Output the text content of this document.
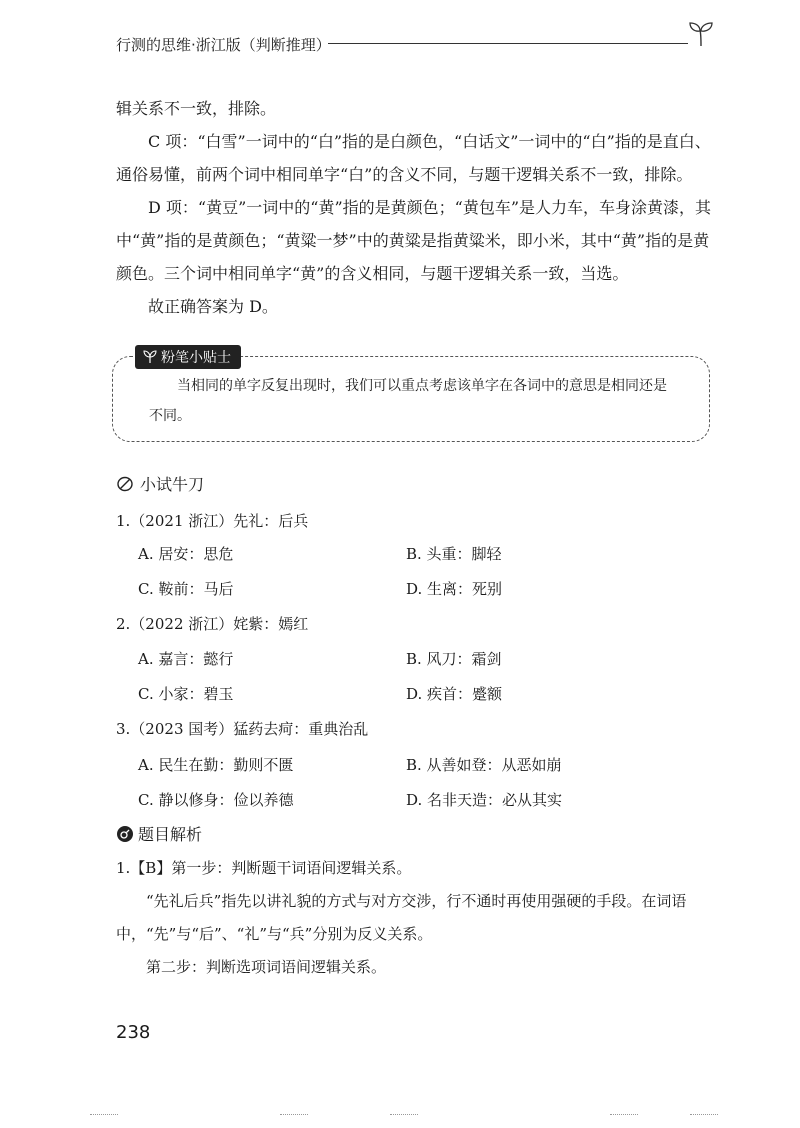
行测的思维·浙江版（判断推理）

辑关系不一致，排除。

C 项：“白雪”一词中的“白”指的是白颜色，“白话文”一词中的“白”指的是直白、通俗易懂，前两个词中相同单字“白”的含义不同，与题干逻辑关系不一致，排除。

D 项：“黄豆”一词中的“黄”指的是黄颜色；“黄包车”是人力车，车身涂黄漆，其中“黄”指的是黄颜色；“黄粱一梦”中的黄粱是指黄粱米，即小米，其中“黄”指的是黄颜色。三个词中相同单字“黄”的含义相同，与题干逻辑关系一致，当选。

故正确答案为 D。

粉笔小贴士
当相同的单字反复出现时，我们可以重点考虑该单字在各词中的意思是相同还是不同。
小试牛刀
1.（2021 浙江）先礼：后兵
A. 居安：思危	B. 头重：脚轻
C. 鞍前：马后	D. 生离：死别
2.（2022 浙江）姹紫：嫣红
A. 嘉言：懿行	B. 风刀：霜剑
C. 小家：碧玉	D. 疾首：蹙额
3.（2023 国考）猛药去疴：重典治乱
A. 民生在勤：勤则不匮	B. 从善如登：从恶如崩
C. 静以修身：俭以养德	D. 名非天造：必从其实
题目解析

1.【B】第一步：判断题干词语间逻辑关系。

“先礼后兵”指先以讲礼貌的方式与对方交涉，行不通时再使用强硬的手段。在词语中，“先”与“后”、“礼”与“兵”分别为反义关系。

第二步：判断选项词语间逻辑关系。

238
